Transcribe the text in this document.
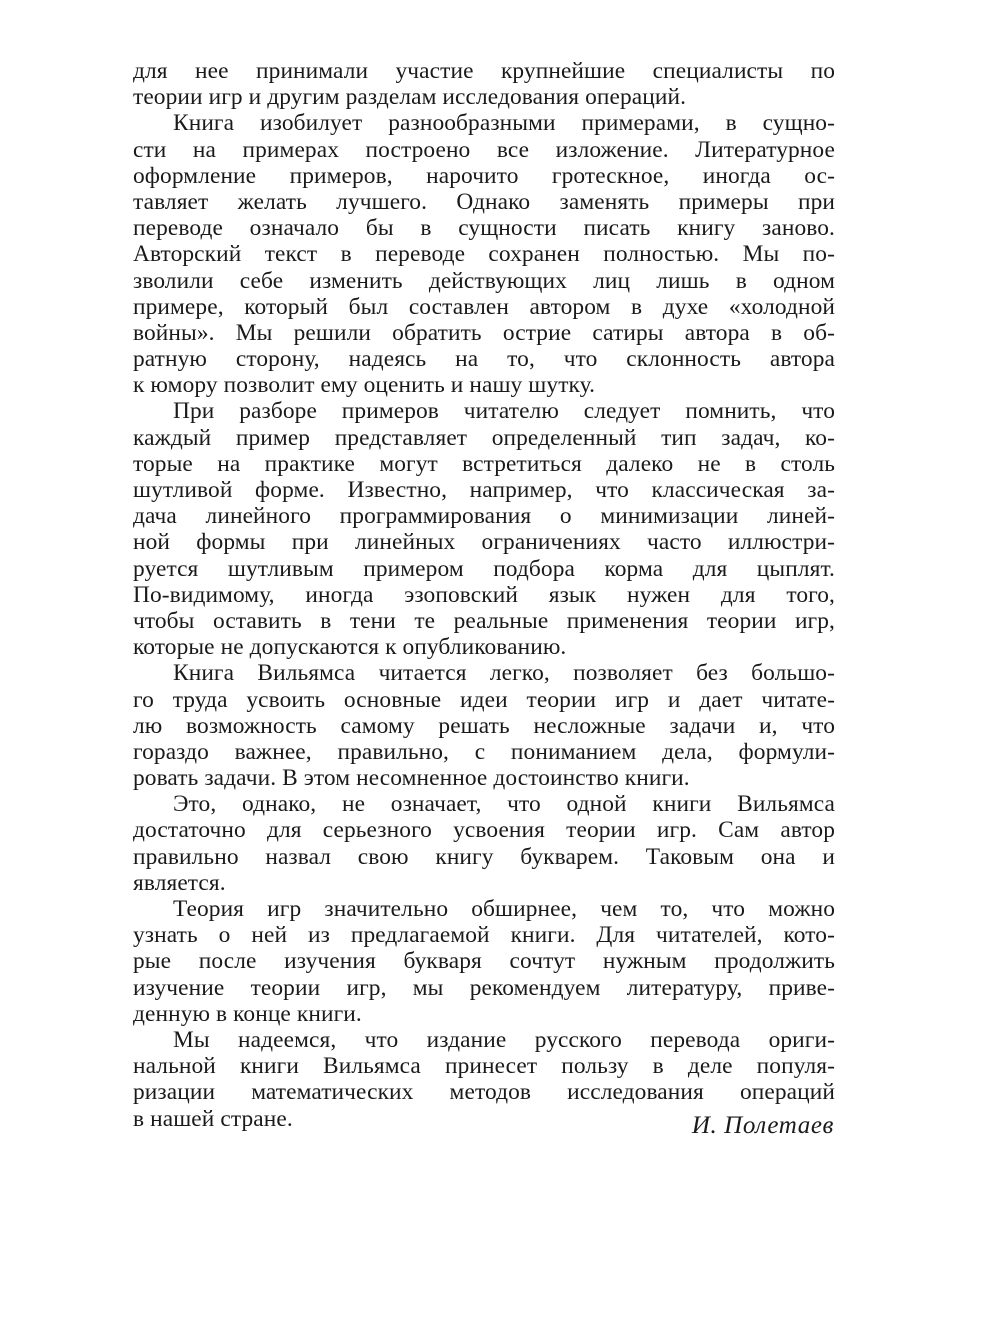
для нее принимали участие крупнейшие специалисты по
теории игр и другим разделам исследования операций.
Книга изобилует разнообразными примерами, в сущно-
сти на примерах построено все изложение. Литературное
оформление примеров, нарочито гротескное, иногда ос-
тавляет желать лучшего. Однако заменять примеры при
переводе означало бы в сущности писать книгу заново.
Авторский текст в переводе сохранен полностью. Мы по-
зволили себе изменить действующих лиц лишь в одном
примере, который был составлен автором в духе «холодной
войны». Мы решили обратить острие сатиры автора в об-
ратную сторону, надеясь на то, что склонность автора
к юмору позволит ему оценить и нашу шутку.
При разборе примеров читателю следует помнить, что
каждый пример представляет определенный тип задач, ко-
торые на практике могут встретиться далеко не в столь
шутливой форме. Известно, например, что классическая за-
дача линейного программирования о минимизации линей-
ной формы при линейных ограничениях часто иллюстри-
руется шутливым примером подбора корма для цыплят.
По-видимому, иногда эзоповский язык нужен для того,
чтобы оставить в тени те реальные применения теории игр,
которые не допускаются к опубликованию.
Книга Вильямса читается легко, позволяет без большо-
го труда усвоить основные идеи теории игр и дает читате-
лю возможность самому решать несложные задачи и, что
гораздо важнее, правильно, с пониманием дела, формули-
ровать задачи. В этом несомненное достоинство книги.
Это, однако, не означает, что одной книги Вильямса
достаточно для серьезного усвоения теории игр. Сам автор
правильно назвал свою книгу букварем. Таковым она и
является.
Теория игр значительно обширнее, чем то, что можно
узнать о ней из предлагаемой книги. Для читателей, кото-
рые после изучения букваря сочтут нужным продолжить
изучение теории игр, мы рекомендуем литературу, приве-
денную в конце книги.
Мы надеемся, что издание русского перевода ориги-
нальной книги Вильямса принесет пользу в деле популя-
ризации математических методов исследования операций
в нашей стране.	И. Полетаев
